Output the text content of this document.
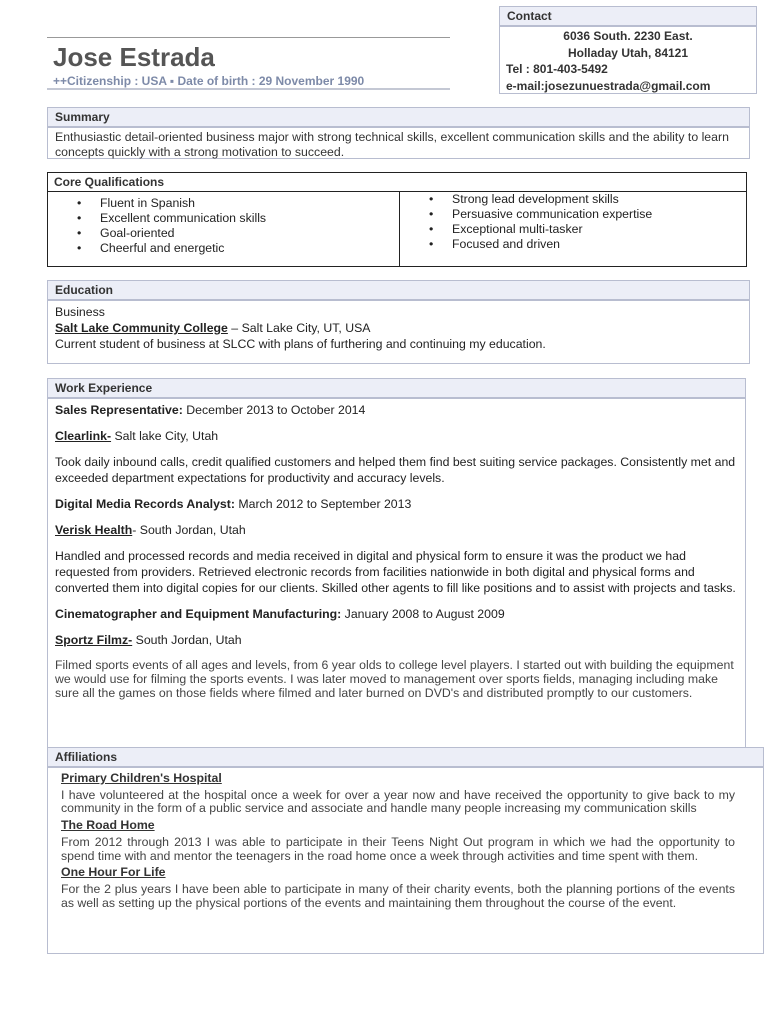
Jose Estrada
++Citizenship : USA ▪ Date of birth : 29 November 1990
Contact
6036 South. 2230 East.
Holladay Utah, 84121
Tel : 801-403-5492
e-mail:josezunuestrada@gmail.com
Summary

Enthusiastic detail-oriented business major with strong technical skills, excellent communication skills and the ability to learn concepts quickly with a strong motivation to succeed.

Core Qualifications
• Fluent in Spanish
• Excellent communication skills
• Goal-oriented
• Cheerful and energetic
• Strong lead development skills
• Persuasive communication expertise
• Exceptional multi-tasker
• Focused and driven
Education
Business
Salt Lake Community College – Salt Lake City, UT, USA
Current student of business at SLCC with plans of furthering and continuing my education.
Work Experience

Sales Representative: December 2013 to October 2014

Clearlink- Salt lake City, Utah

Took daily inbound calls, credit qualified customers and helped them find best suiting service packages. Consistently met and exceeded department expectations for productivity and accuracy levels.

Digital Media Records Analyst: March 2012 to September 2013

Verisk Health- South Jordan, Utah

Handled and processed records and media received in digital and physical form to ensure it was the product we had requested from providers. Retrieved electronic records from facilities nationwide in both digital and physical forms and converted them into digital copies for our clients. Skilled other agents to fill like positions and to assist with projects and tasks.

Cinematographer and Equipment Manufacturing: January 2008 to August 2009

Sportz Filmz- South Jordan, Utah

Filmed sports events of all ages and levels, from 6 year olds to college level players. I started out with building the equipment we would use for filming the sports events. I was later moved to management over sports fields, managing including make sure all the games on those fields where filmed and later burned on DVD's and distributed promptly to our customers.

Affiliations
Primary Children's Hospital

I have volunteered at the hospital once a week for over a year now and have received the opportunity to give back to my community in the form of a public service and associate and handle many people increasing my communication skills

The Road Home

From 2012 through 2013 I was able to participate in their Teens Night Out program in which we had the opportunity to spend time with and mentor the teenagers in the road home once a week through activities and time spent with them.

One Hour For Life

For the 2 plus years I have been able to participate in many of their charity events, both the planning portions of the events as well as setting up the physical portions of the events and maintaining them throughout the course of the event.
